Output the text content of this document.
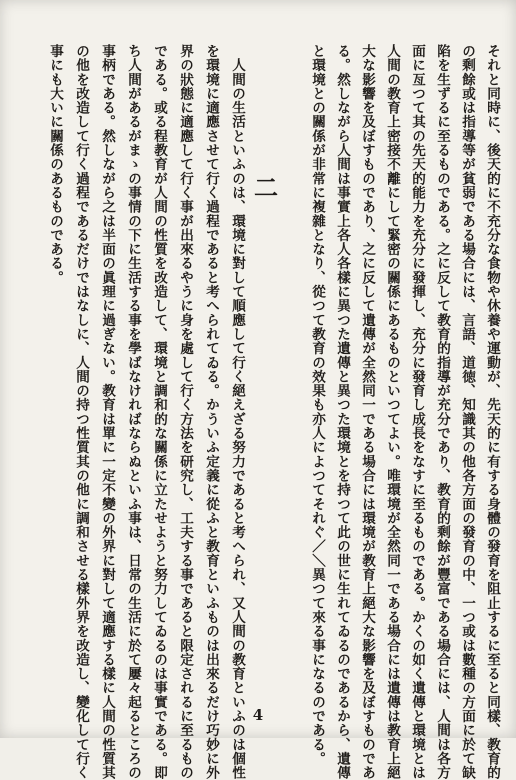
それと同時に、後天的に不充分な食物や休養や運動が、先天的に有する身體の發育を阻止するに至ると同樣、教育的
の剩餘或は指導等が貧弱である場合には、言語、道徳、知識其の他各方面の發育の中、一つ或は數種の方面に於て缺
陷を生ずるに至るものである。之に反して教育的指導が充分であり、教育的剩餘が豐富である場合には、人間は各方
面に亙つて其の先天的能力を充分に發揮し、充分に發育し成長をなすに至るものである。かくの如く遺傳と環境とは
人間の教育上密接不離にして緊密の關係にあるものといつてよい。唯環境が全然同一である場合には遺傳は教育上絕
大な影響を及ぼすものであり、之に反して遺傳が全然同一である場合には環境が教育上絕大な影響を及ぼすものであ
る。然しながら人間は事實上各人各樣に異つた遺傳と異つた環境とを持つて此の世に生れてゐるのであるから、遺傳
と環境との關係が非常に複雜となり、從つて教育の效果も亦人によつてそれぐ／＼異つて來る事になるのである。
二
　人間の生活といふのは、環境に對して順應して行く絕えざる努力であると考へられ、又人間の教育といふのは個性
を環境に適應させて行く過程であると考へられてゐる。かういふ定義に從ふと教育といふものは出來るだけ巧妙に外
界の狀態に適應して行く事が出來るやうに身を處して行く方法を研究し、工夫する事であると限定されるに至るもの
である。或る程教育が人間の性質を改造して、環境と調和的な關係に立たせようと努力してゐるのは事實である。即
ち人間があるがまゝの事情の下に生活する事を學ばなければならぬといふ事は、日常の生活に於て屢々起るところの
事柄である。然しながら之は半面の眞理に過ぎない。教育は單に一定不變の外界に對して適應する樣に人間の性質其
の他を改造して行く過程であるだけではなしに、人間の持つ性質其の他に調和させる樣外界を改造し、變化して行く
事にも大いに關係のあるものである。
4
